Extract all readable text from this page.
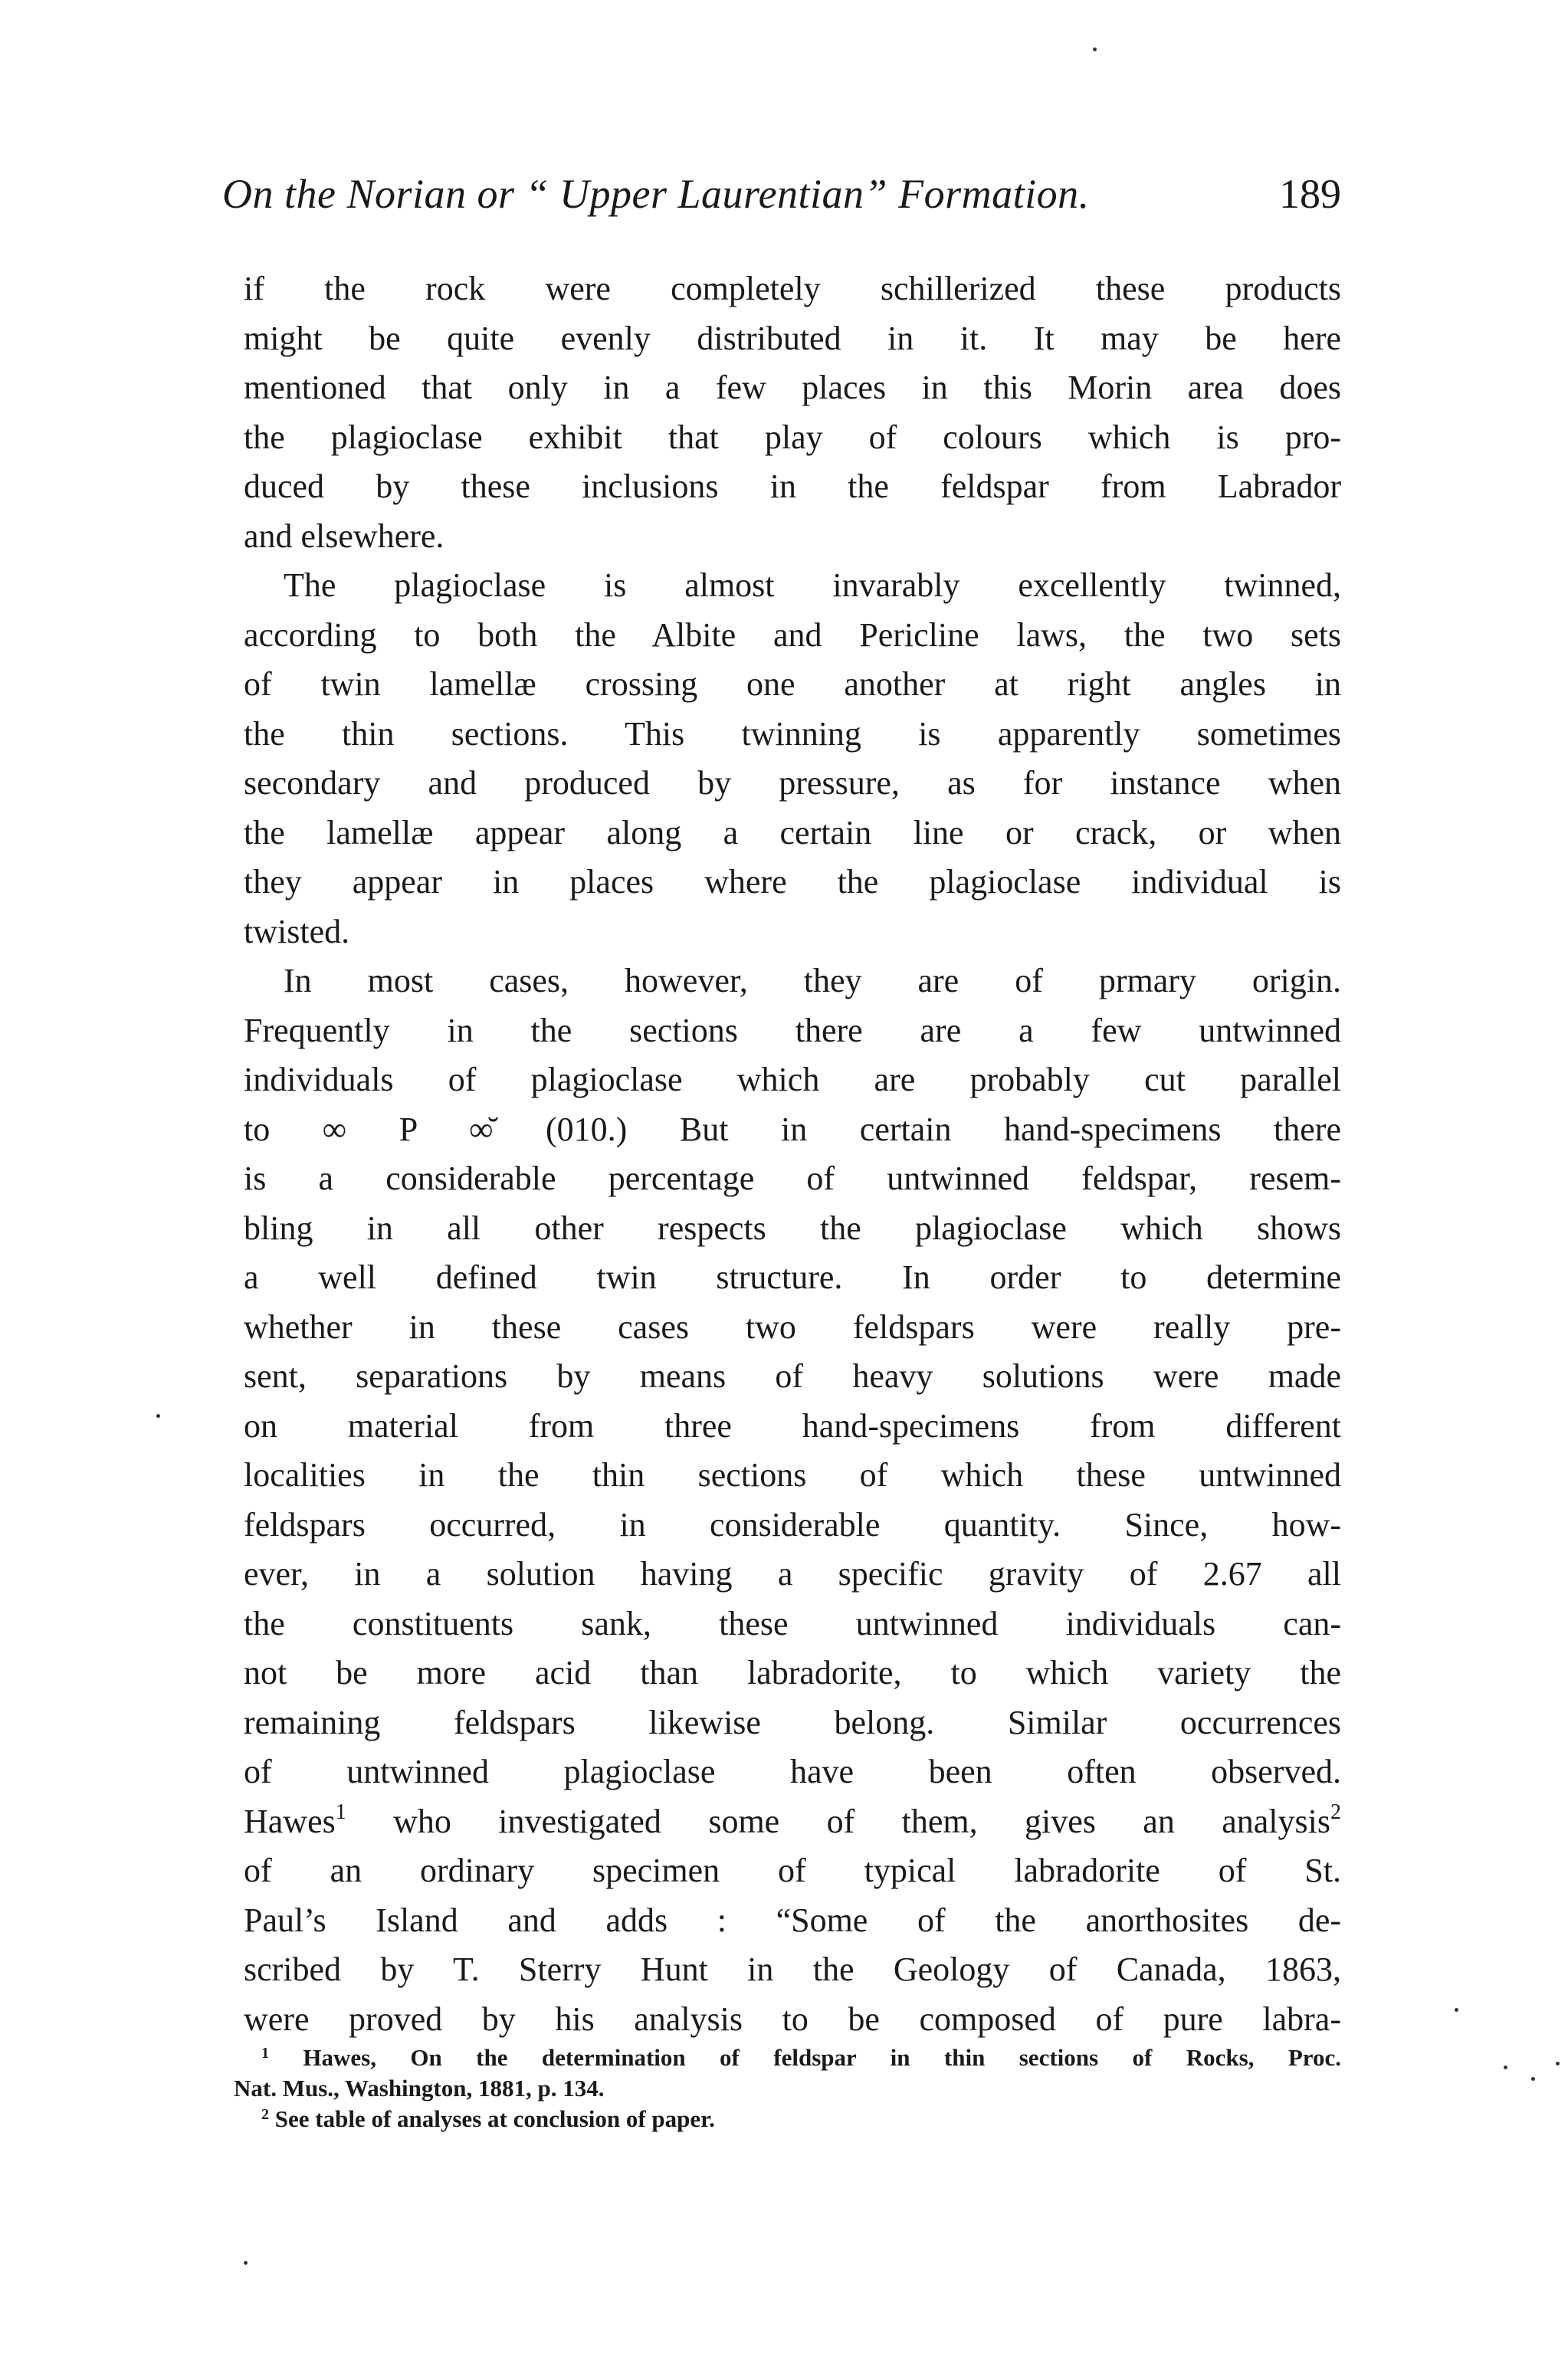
On the Norian or “ Upper Laurentian” Formation.	189

if the rock were completely schillerized these products
might be quite evenly distributed in it. It may be here
mentioned that only in a few places in this Morin area does
the plagioclase exhibit that play of colours which is pro-
duced by these inclusions in the feldspar from Labrador
and elsewhere.

The plagioclase is almost invarably excellently twinned,
according to both the Albite and Pericline laws, the two sets
of twin lamellæ crossing one another at right angles in
the thin sections. This twinning is apparently sometimes
secondary and produced by pressure, as for instance when
the lamellæ appear along a certain line or crack, or when
they appear in places where the plagioclase individual is
twisted.

In most cases, however, they are of prmary origin.
Frequently in the sections there are a few untwinned
individuals of plagioclase which are probably cut parallel
to ∞ P ∞̆ (010.) But in certain hand-specimens there
is a considerable percentage of untwinned feldspar, resem-
bling in all other respects the plagioclase which shows
a well defined twin structure. In order to determine
whether in these cases two feldspars were really pre-
sent, separations by means of heavy solutions were made
on material from three hand-specimens from different
localities in the thin sections of which these untwinned
feldspars occurred, in considerable quantity. Since, how-
ever, in a solution having a specific gravity of 2.67 all
the constituents sank, these untwinned individuals can-
not be more acid than labradorite, to which variety the
remaining feldspars likewise belong. Similar occurrences
of untwinned plagioclase have been often observed.
Hawes$^1$ who investigated some of them, gives an analysis$^2$
of an ordinary specimen of typical labradorite of St.
Paul’s Island and adds : “Some of the anorthosites de-
scribed by T. Sterry Hunt in the Geology of Canada, 1863,
were proved by his analysis to be composed of pure labra-

$^1$ Hawes, On the determination of feldspar in thin sections of Rocks, Proc.
Nat. Mus., Washington, 1881, p. 134.
$^2$ See table of analyses at conclusion of paper.
